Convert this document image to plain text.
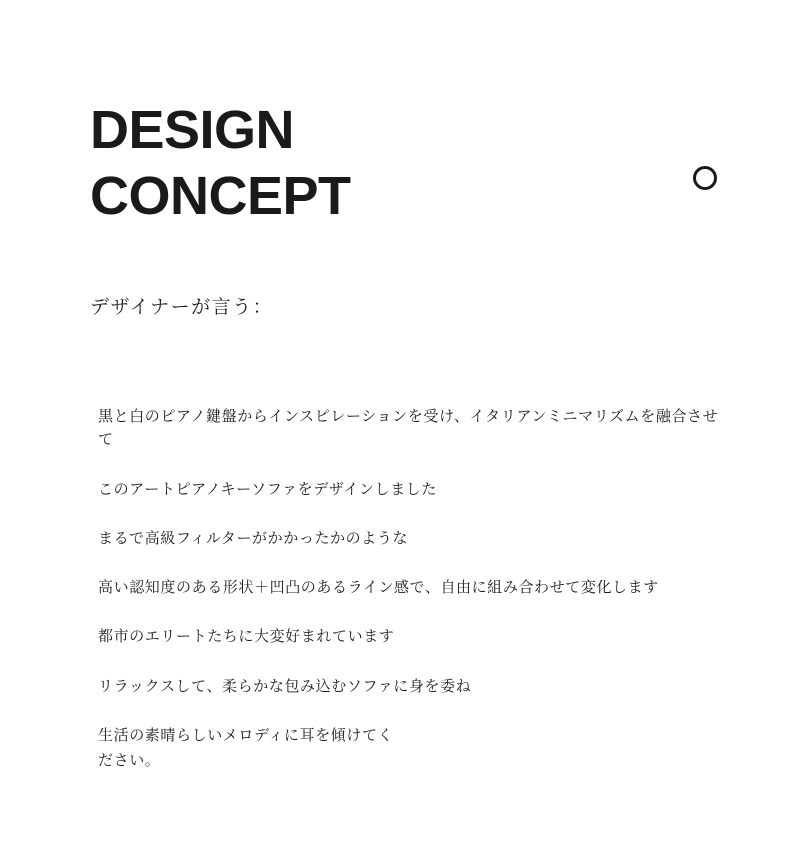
DESIGN
CONCEPT
デザイナーが言う：
黒と白のピアノ鍵盤からインスピレーションを受け、イタリアンミニマリズムを融合させて
このアートピアノキーソファをデザインしました
まるで高級フィルターがかかったかのような
高い認知度のある形状＋凹凸のあるライン感で、自由に組み合わせて変化します
都市のエリートたちに大変好まれています
リラックスして、柔らかな包み込むソファに身を委ね
生活の素晴らしいメロディに耳を傾けてく
ださい。
